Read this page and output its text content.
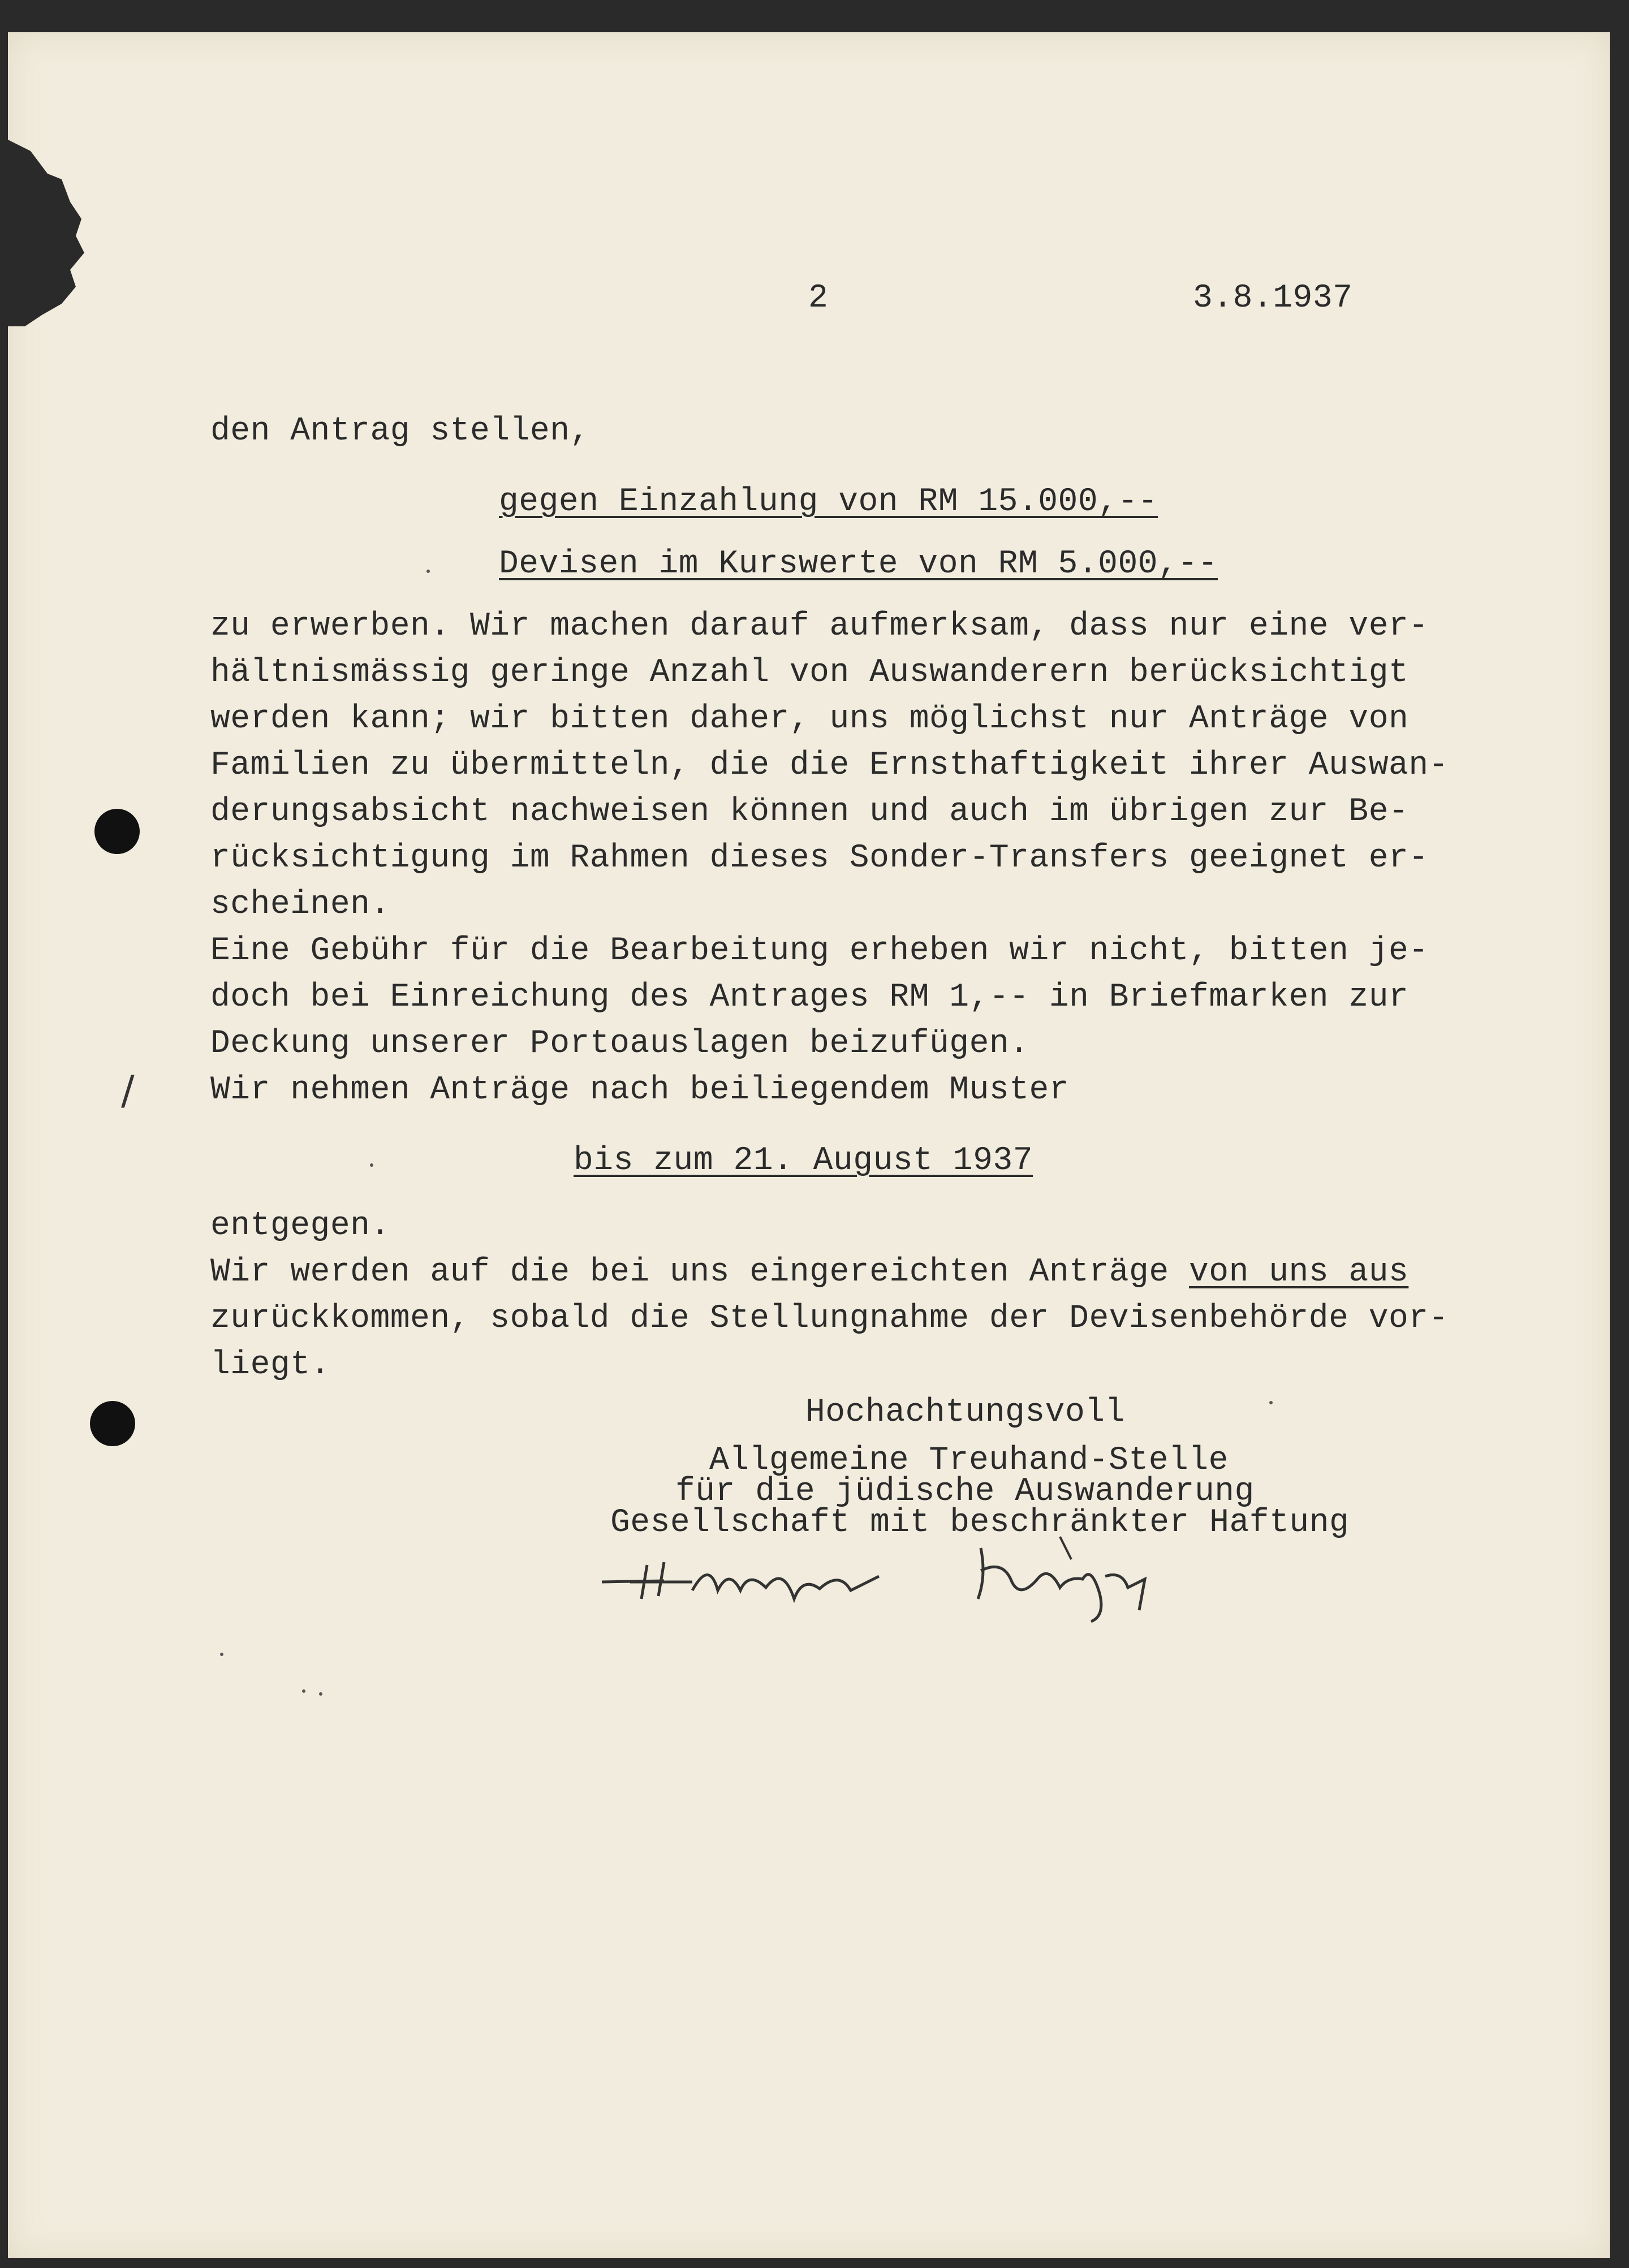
2	3.8.1937
den Antrag stellen,
gegen Einzahlung von RM 15.000,--
Devisen im Kurswerte von RM 5.000,--
zu erwerben. Wir machen darauf aufmerksam, dass nur eine ver-
hältnismässig geringe Anzahl von Auswanderern berücksichtigt
werden kann; wir bitten daher, uns möglichst nur Anträge von
Familien zu übermitteln, die die Ernsthaftigkeit ihrer Auswan-
derungsabsicht nachweisen können und auch im übrigen zur Be-
rücksichtigung im Rahmen dieses Sonder-Transfers geeignet er-
scheinen.
Eine Gebühr für die Bearbeitung erheben wir nicht, bitten je-
doch bei Einreichung des Antrages RM 1,-- in Briefmarken zur
Deckung unserer Portoauslagen beizufügen.
Wir nehmen Anträge nach beiliegendem Muster
/
bis zum 21. August 1937
entgegen.
Wir werden auf die bei uns eingereichten Anträge von uns aus
zurückkommen, sobald die Stellungnahme der Devisenbehörde vor-
liegt.
Hochachtungsvoll
Allgemeine Treuhand-Stelle
für die jüdische Auswanderung
Gesellschaft mit beschränkter Haftung
